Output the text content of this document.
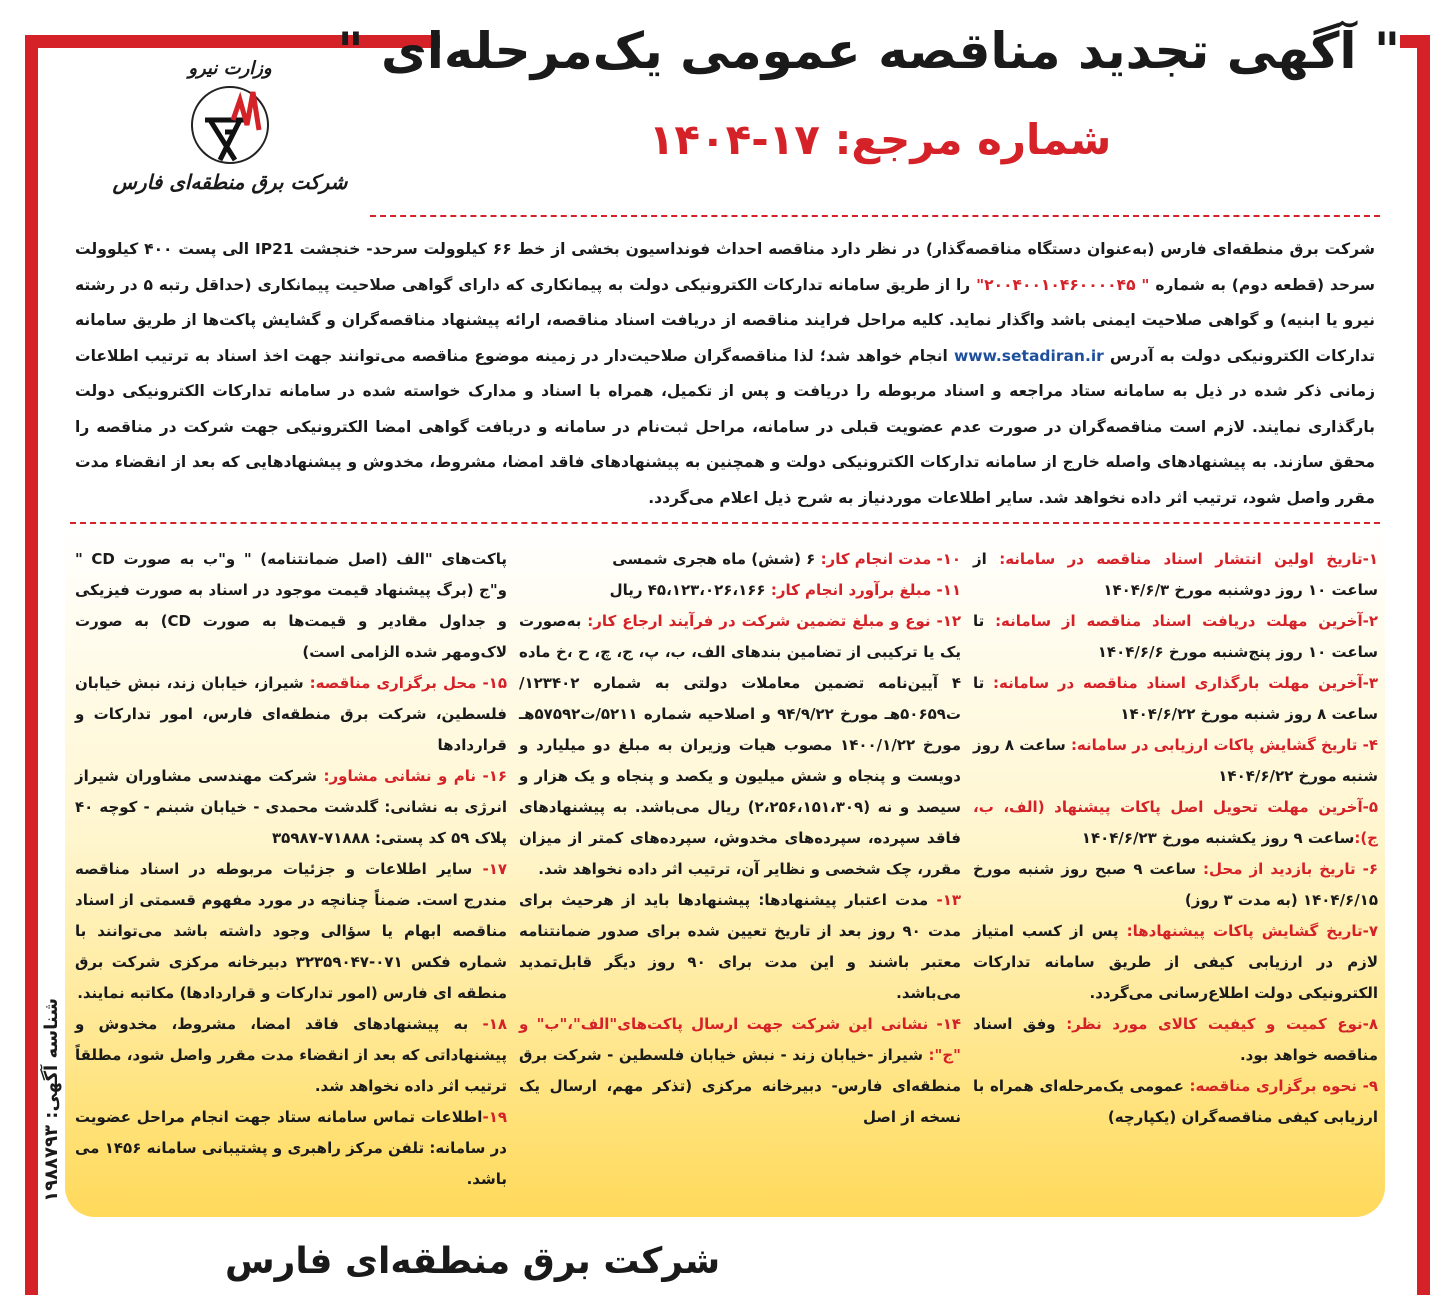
شرکت برق منطقه‌ای فارس (به‌عنوان دستگاه مناقصه‌گذار) در نظر دارد مناقصه احداث فونداسیون بخشی از خط ۶۶ کیلوولت سرحد- خنجشت IP21 الی پست ۴۰۰ کیلوولت سرحد (قطعه دوم) به شماره " ۲۰۰۴۰۰۱۰۴۶۰۰۰۰۴۵" را از طریق سامانه تدارکات الکترونیکی دولت به پیمانکاری که دارای گواهی صلاحیت پیمانکاری (حداقل رتبه ۵ در رشته نیرو یا ابنیه) و گواهی صلاحیت ایمنی باشد واگذار نماید. کلیه مراحل فرایند مناقصه از دریافت اسناد مناقصه، ارائه پیشنهاد مناقصه‌گران و گشایش پاکت‌ها از طریق سامانه تدارکات الکترونیکی دولت به آدرس www.setadiran.ir انجام خواهد شد؛ لذا مناقصه‌گران صلاحیت‌دار در زمینه موضوع مناقصه می‌توانند جهت اخذ اسناد به ترتیب اطلاعات زمانی ذکر شده در ذیل به سامانه ستاد مراجعه و اسناد مربوطه را دریافت و پس از تکمیل، همراه با اسناد و مدارک خواسته شده در سامانه تدارکات الکترونیکی دولت بارگذاری نمایند. لازم است مناقصه‌گران در صورت عدم عضویت قبلی در سامانه، مراحل ثبت‌نام در سامانه و دریافت گواهی امضا الکترونیکی جهت شرکت در مناقصه را محقق سازند. به پیشنهادهای واصله خارج از سامانه تدارکات الکترونیکی دولت و همچنین به پیشنهادهای فاقد امضا، مشروط، مخدوش و پیشنهادهایی که بعد از انقضاء مدت مقرر واصل شود، ترتیب اثر داده نخواهد شد. سایر اطلاعات موردنیاز به شرح ذیل اعلام می‌گردد.

۱-تاریخ اولین انتشار اسناد مناقصه در سامانه: از ساعت ۱۰ روز دوشنبه مورخ ۱۴۰۴/۶/۳

۲-آخرین مهلت دریافت اسناد مناقصه از سامانه: تا ساعت ۱۰ روز پنج‌شنبه مورخ ۱۴۰۴/۶/۶

۳-آخرین مهلت بارگذاری اسناد مناقصه در سامانه: تا ساعت ۸ روز شنبه مورخ ۱۴۰۴/۶/۲۲

۴- تاریخ گشایش پاکات ارزیابی در سامانه: ساعت ۸ روز شنبه مورخ ۱۴۰۴/۶/۲۲

۵-آخرین مهلت تحویل اصل پاکات پیشنهاد (الف، ب، ج):ساعت ۹ روز یکشنبه مورخ ۱۴۰۴/۶/۲۳

۶- تاریخ بازدید از محل: ساعت ۹ صبح روز شنبه مورخ ۱۴۰۴/۶/۱۵ (به مدت ۳ روز)

۷-تاریخ گشایش پاکات پیشنهادها: پس از کسب امتیاز لازم در ارزیابی کیفی از طریق سامانه تدارکات الکترونیکی دولت اطلاع‌رسانی می‌گردد.

۸-نوع کمیت و کیفیت کالای مورد نظر: وفق اسناد مناقصه خواهد بود.

۹- نحوه برگزاری مناقصه: عمومی یک‌مرحله‌ای همراه با ارزیابی کیفی مناقصه‌گران (یکپارچه)

۱۰- مدت انجام کار: ۶ (شش) ماه هجری شمسی

۱۱- مبلغ برآورد انجام کار: ۴۵،۱۲۳،۰۲۶،۱۶۶ ریال

۱۲- نوع و مبلغ تضمین شرکت در فرآیند ارجاع کار: به‌صورت یک یا ترکیبی از تضامین بندهای الف، ب، پ، ج، چ، ح ،خ ماده ۴ آیین‌نامه تضمین معاملات دولتی به شماره ۱۲۳۴۰۲/ت۵۰۶۵۹هـ مورخ ۹۴/۹/۲۲ و اصلاحیه شماره ۵۲۱۱/ت۵۷۵۹۲هـ مورخ ۱۴۰۰/۱/۲۲ مصوب هیات وزیران به مبلغ دو میلیارد و دویست و پنجاه و شش میلیون و یکصد و پنجاه و یک هزار و سیصد و نه (۲،۲۵۶،۱۵۱،۳۰۹) ریال می‌باشد. به پیشنهادهای فاقد سپرده، سپرده‌های مخدوش، سپرده‌های کمتر از میزان مقرر، چک شخصی و نظایر آن، ترتیب اثر داده نخواهد شد.

۱۳- مدت اعتبار پیشنهادها: پیشنهادها باید از هرحیث برای مدت ۹۰ روز بعد از تاریخ تعیین شده برای صدور ضمانتنامه معتبر باشند و این مدت برای ۹۰ روز دیگر قابل‌تمدید می‌باشد.

۱۴- نشانی این شرکت جهت ارسال پاکت‌های"الف"،"ب" و "ج": شیراز -خیابان زند - نبش خیابان فلسطین - شرکت برق منطقه‌ای فارس- دبیرخانه مرکزی (تذکر مهم، ارسال یک نسخه از اصل

پاکت‌های "الف (اصل ضمانتنامه) " و"ب به صورت CD " و"ج (برگ پیشنهاد قیمت موجود در اسناد به صورت فیزیکی و جداول مقادیر و قیمت‌ها به صورت CD) به صورت لاک‌ومهر شده الزامی است)

۱۵- محل برگزاری مناقصه: شیراز، خیابان زند، نبش خیابان فلسطین، شرکت برق منطقه‌ای فارس، امور تدارکات و قراردادها

۱۶- نام و نشانی مشاور: شرکت مهندسی مشاوران شیراز انرژی به نشانی: گلدشت محمدی - خیابان شبنم - کوچه ۴۰ پلاک ۵۹ کد پستی: ۷۱۸۸۸-۳۵۹۸۷

۱۷- سایر اطلاعات و جزئیات مربوطه در اسناد مناقصه مندرج است. ضمناً چنانچه در مورد مفهوم قسمتی از اسناد مناقصه ابهام یا سؤالی وجود داشته باشد می‌توانند با شماره فکس ۰۷۱-۳۲۳۵۹۰۴۷ دبیرخانه مرکزی شرکت برق منطقه ای فارس (امور تدارکات و قراردادها) مکاتبه نمایند.

۱۸- به پیشنهادهای فاقد امضا، مشروط، مخدوش و پیشنهاداتی که بعد از انقضاء مدت مقرر واصل شود، مطلقاً ترتیب اثر داده نخواهد شد.

۱۹-اطلاعات تماس سامانه ستاد جهت انجام مراحل عضویت در سامانه: تلفن مرکز راهبری و پشتیبانی سامانه ۱۴۵۶ می باشد.

شرکت برق منطقه‌ای فارس
شناسه آگهی: ۱۹۸۸۷۹۳
" آگهی تجدید مناقصه عمومی یک‌مرحله‌ای "
شماره مرجع: ۱۷-۱۴۰۴
وزارت نیرو
شرکت برق منطقه‌ای فارس
